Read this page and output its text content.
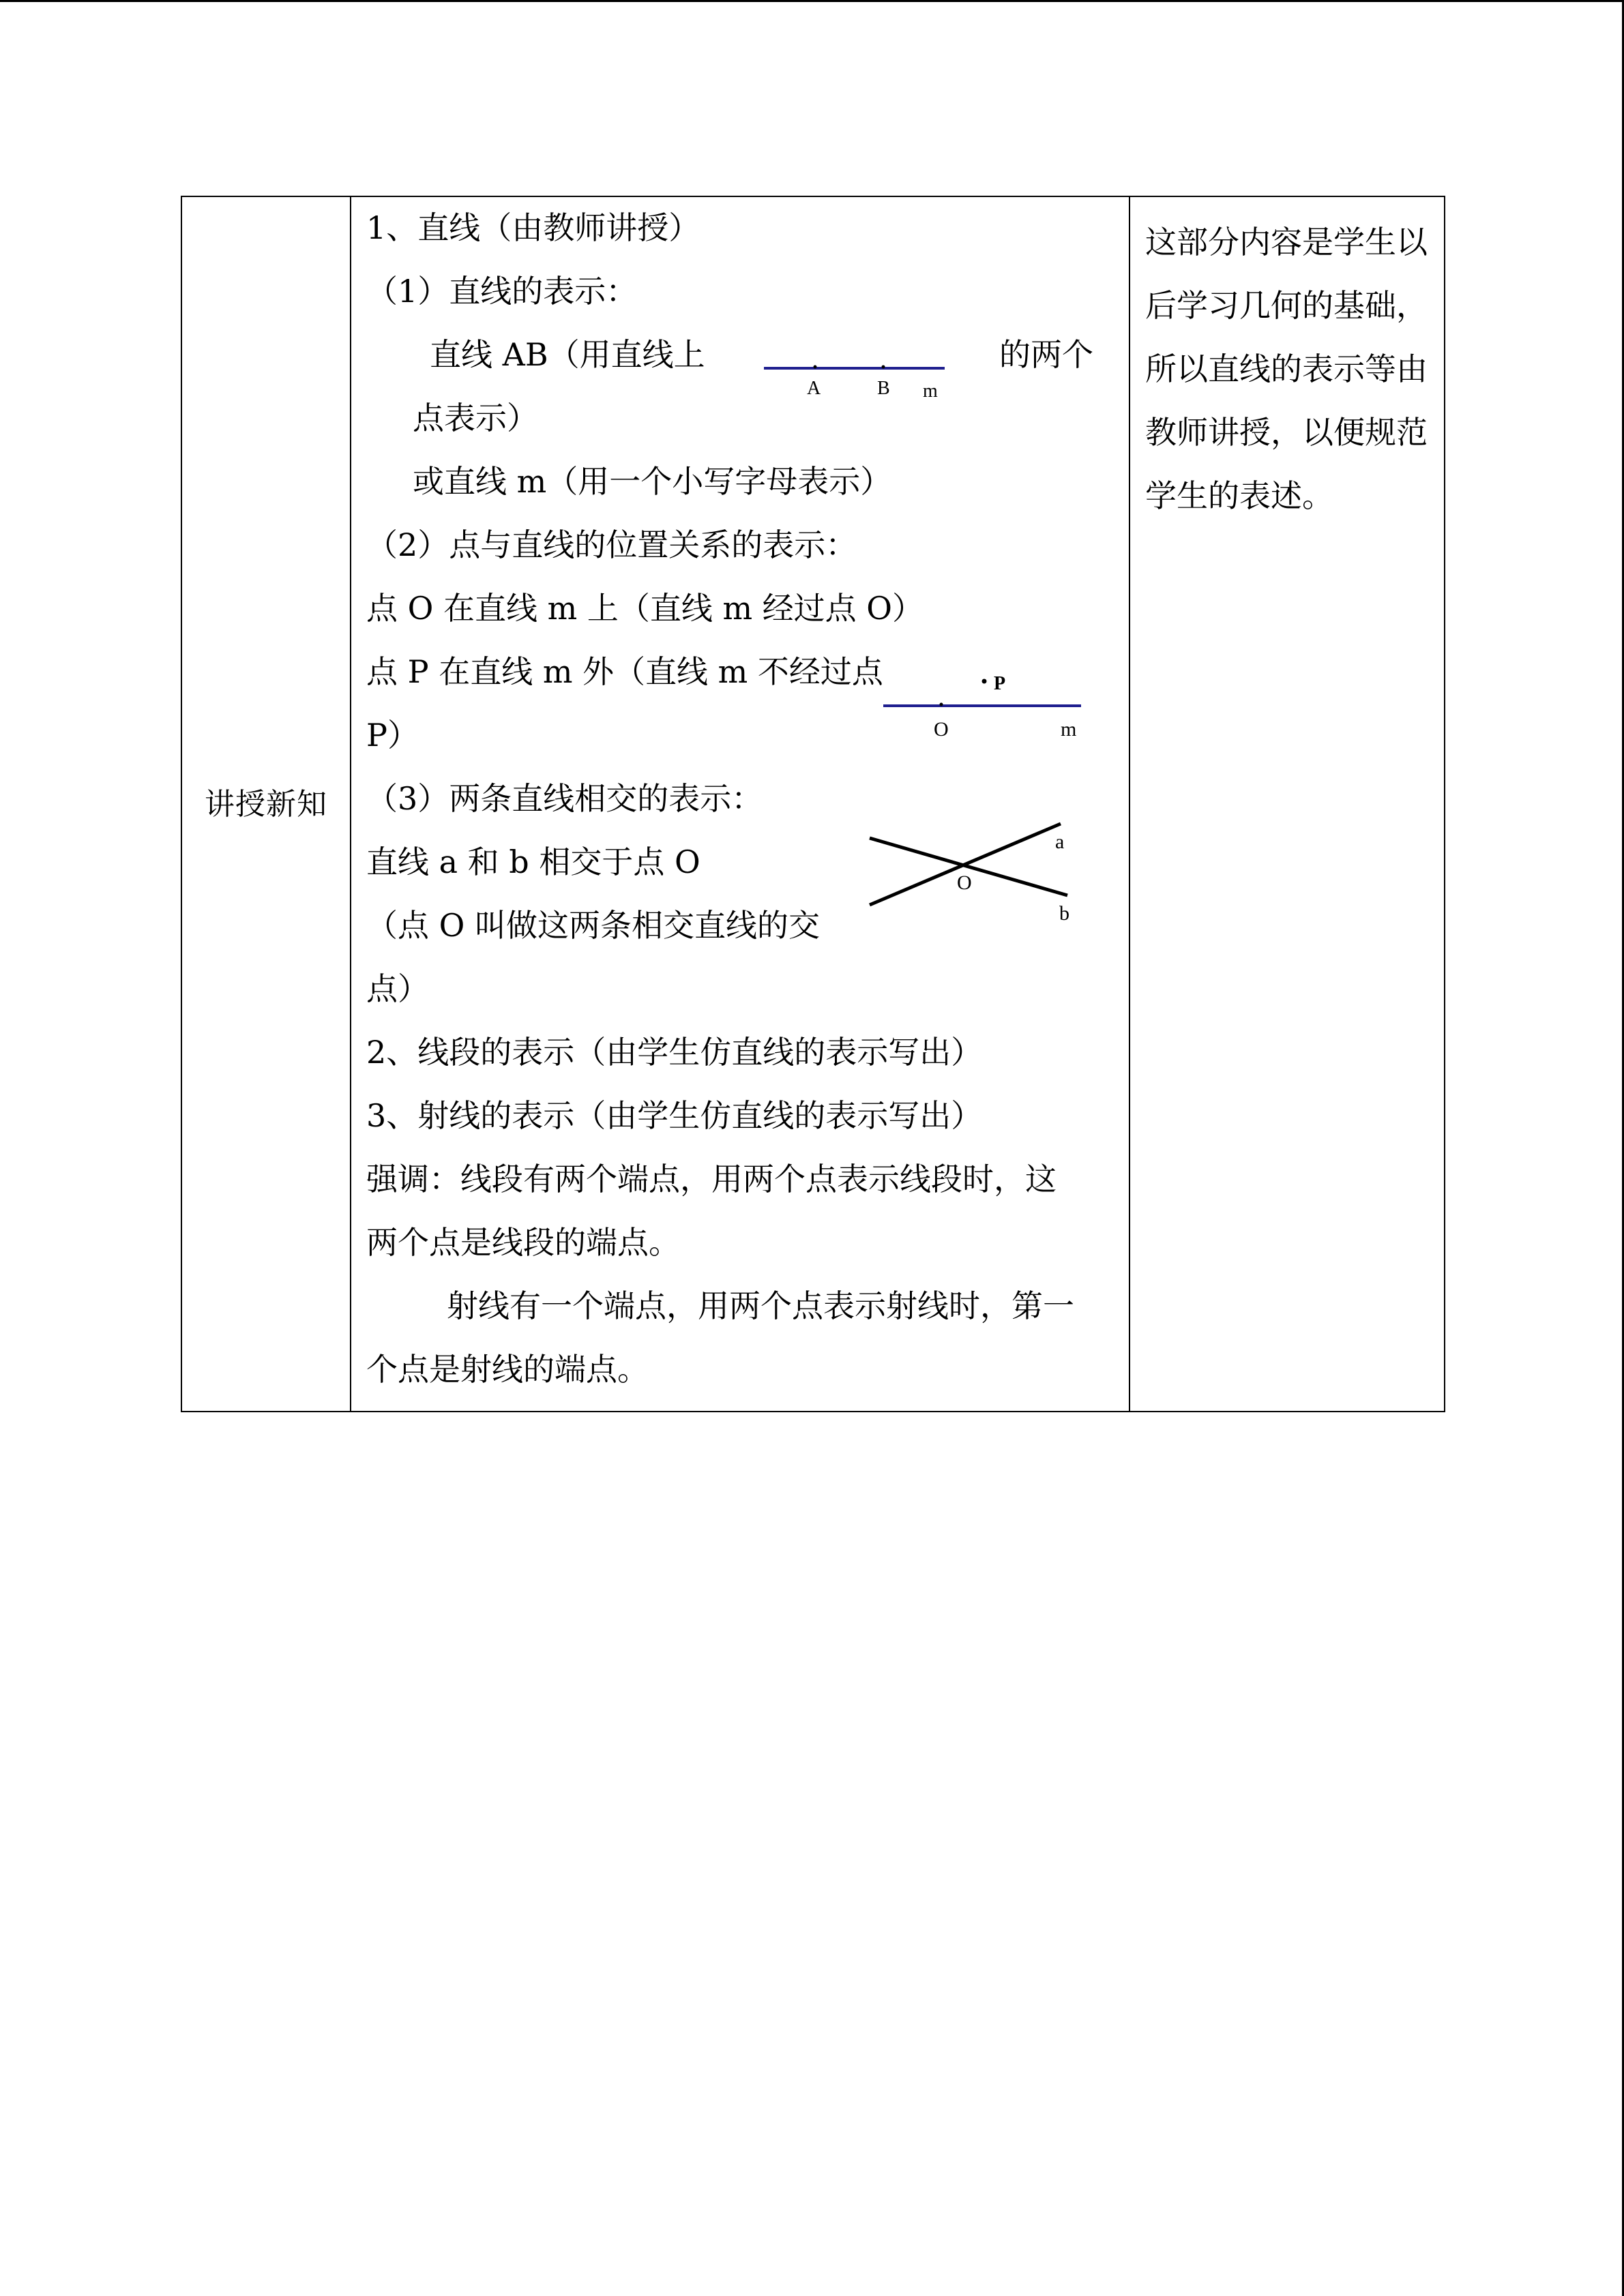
讲授新知	
1、直线（由教师讲授）
（1）直线的表示：
直线 AB（用直线上	的两个
A	B m
点表示）
或直线 m（用一个小写字母表示）
（2）点与直线的位置关系的表示：
点 O 在直线 m 上（直线 m 经过点 O）
点 P 在直线 m 外（直线 m 不经过点	P
O	m
P）
（3）两条直线相交的表示：
直线 a 和 b 相交于点 O
a
O
b
（点 O 叫做这两条相交直线的交
点）
2、线段的表示（由学生仿直线的表示写出）
3、射线的表示（由学生仿直线的表示写出）
强调：线段有两个端点，用两个点表示线段时，这
两个点是线段的端点。
射线有一个端点，用两个点表示射线时，第一
个点是射线的端点。

这部分内容是学生以后学习几何的基础，所以直线的表示等由教师讲授，以便规范学生的表述。
